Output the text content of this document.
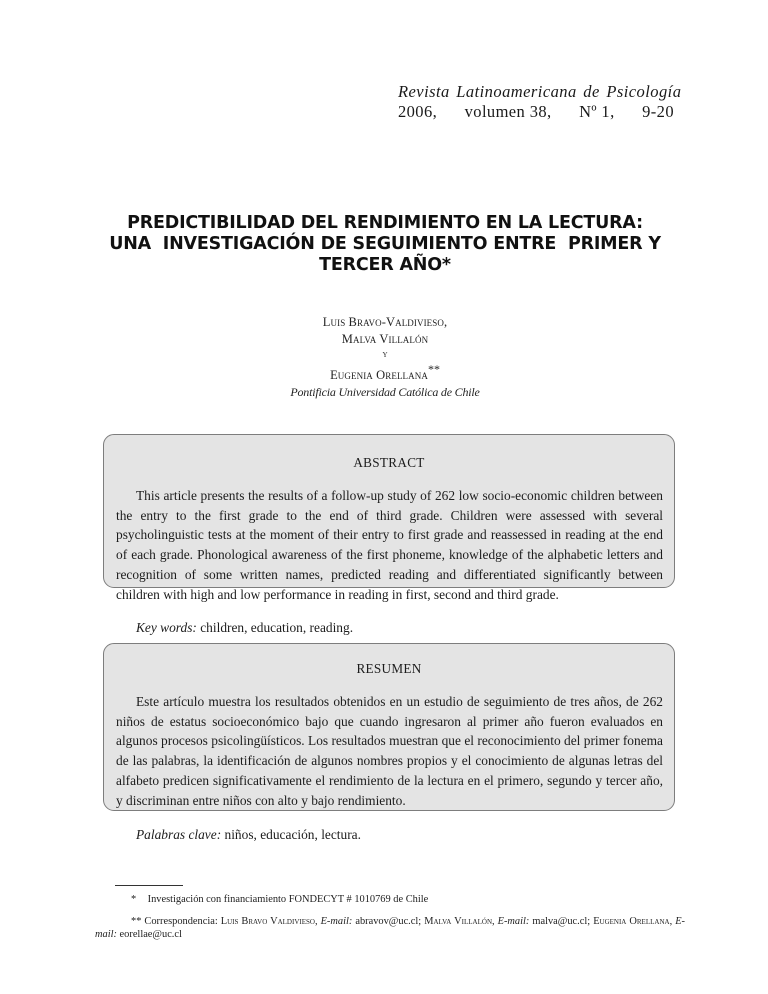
Revista Latinoamericana de Psicología
2006, volumen 38, Nº 1, 9-20
PREDICTIBILIDAD DEL RENDIMIENTO EN LA LECTURA:
UNA  INVESTIGACIÓN DE SEGUIMIENTO ENTRE  PRIMER Y
TERCER AÑO*
Luis Bravo-Valdivieso,
Malva Villalón
y
Eugenia Orellana**
Pontificia Universidad Católica de Chile
ABSTRACT

This article presents the results of a follow-up study of 262 low socio-economic children between the entry to the first grade to the end of third grade. Children were assessed with several psycholinguistic tests at the moment of their entry to first grade and reassessed in reading at the end of each grade. Phonological awareness of the first phoneme, knowledge of the alphabetic letters and recognition of some written names, predicted reading and differentiated significantly between children with high and low performance in reading in first, second and third grade.

Key words: children, education, reading.
RESUMEN

Este artículo muestra los resultados obtenidos en un estudio de seguimiento de tres años, de 262 niños de estatus socioeconómico bajo que cuando ingresaron al primer año fueron evaluados en algunos procesos psicolingüísticos. Los resultados muestran que el reconocimiento del primer fonema de las palabras, la identificación de algunos nombres propios y el conocimiento de algunas letras del alfabeto predicen significativamente el rendimiento de la lectura en el primero, segundo y tercer año, y discriminan entre niños con alto y bajo rendimiento.

Palabras clave: niños, educación, lectura.
* Investigación con financiamiento FONDECYT # 1010769 de Chile
** Correspondencia: Luis Bravo Valdivieso, E-mail: abravov@uc.cl; Malva Villalón, E-mail: malva@uc.cl; Eugenia Orellana, E-mail: eorellae@uc.cl
